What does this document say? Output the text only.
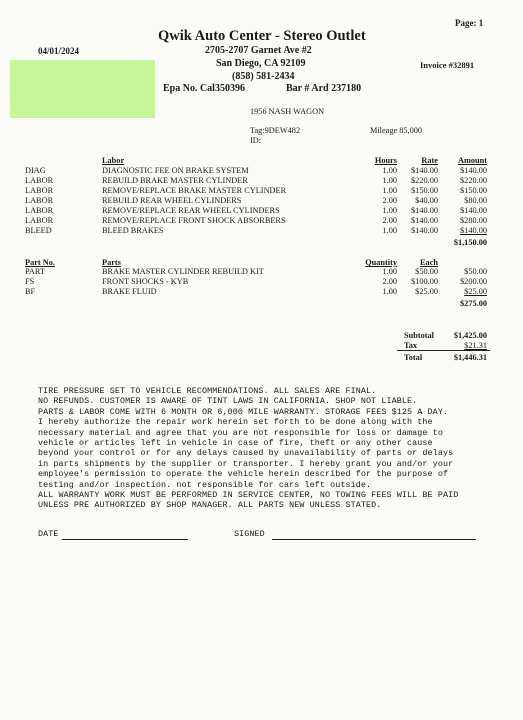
Page: 1
04/01/2024
Qwik Auto Center - Stereo Outlet
2705-2707 Garnet Ave #2
San Diego, CA 92109
(858) 581-2434
Epa No. Cal350396	Bar # Ard 237180
Invoice #32891
1956 NASH WAGON
Tag:9DEW482
ID:
Mileage 85,000
Labor	Hours	Rate	Amount
DIAG	DIAGNOSTIC FEE ON BRAKE SYSTEM	1.00	$140.00	$140.00
LABOR	REBUILD BRAKE MASTER CYLINDER	1.00	$220.00	$220.00
LABOR	REMOVE/REPLACE BRAKE MASTER CYLINDER	1.00	$150.00	$150.00
LABOR	REBUILD REAR WHEEL CYLINDERS	2.00	$40.00	$80.00
LABOR	REMOVE/REPLACE REAR WHEEL CYLINDERS	1.00	$140.00	$140.00
LABOR	REMOVE/REPLACE FRONT SHOCK ABSORBERS	2.00	$140.00	$280.00
BLEED	BLEED BRAKES	1.00	$140.00	$140.00
$1,150.00
Part No.	Parts	Quantity	Each
PART	BRAKE MASTER CYLINDER REBUILD KIT	1.00	$50.00	$50.00
FS	FRONT SHOCKS - KYB	2.00	$100.00	$200.00
BF	BRAKE FLUID	1.00	$25.00	$25.00
$275.00
Subtotal	$1,425.00
Tax	$21.31
Total	$1,446.31
TIRE PRESSURE SET TO VEHICLE RECOMMENDATIONS. ALL SALES ARE FINAL.
NO REFUNDS. CUSTOMER IS AWARE OF TINT LAWS IN CALIFORNIA. SHOP NOT LIABLE.
PARTS & LABOR COME WITH 6 MONTH OR 6,000 MILE WARRANTY. STORAGE FEES $125 A DAY.
I hereby authorize the repair work herein set forth to be done along with the
necessary material and agree that you are not responsible for loss or damage to
vehicle or articles left in vehicle in case of fire, theft or any other cause
beyond your control or for any delays caused by unavailability of parts or delays
in parts shipments by the supplier or transporter. I hereby grant you and/or your
employee's permission to operate the vehicle herein described for the purpose of
testing and/or inspection. not responsible for cars left outside.
ALL WARRANTY WORK MUST BE PERFORMED IN SERVICE CENTER, NO TOWING FEES WILL BE PAID
UNLESS PRE AUTHORIZED BY SHOP MANAGER. ALL PARTS NEW UNLESS STATED.
DATE	SIGNED
